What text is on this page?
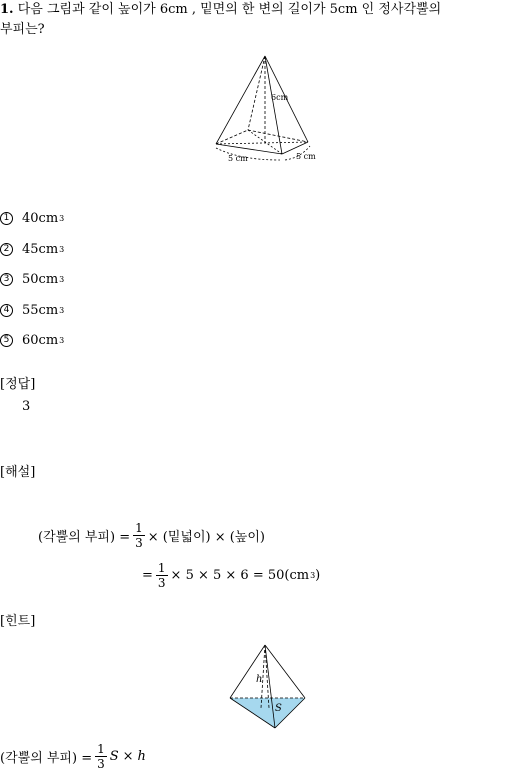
1. 다음 그림과 같이 높이가 6cm , 밑면의 한 변의 길이가 5cm 인 정사각뿔의
부피는?
6cm
5 cm	5 cm
1 40cm 3
2 45cm 3
3 50cm 3
4 55cm 3
5 60cm 3
[정답]
3
[해설]
(각뿔의 부피) = $\frac{1}{3}$ × (밑넓이) × (높이)
= $\frac{1}{3} \times 5 \times 5 \times 6 = 50(cm$ 3 )
[힌트]
h
S
(각뿔의 부피) = $\frac{1}{3}$ S × h
